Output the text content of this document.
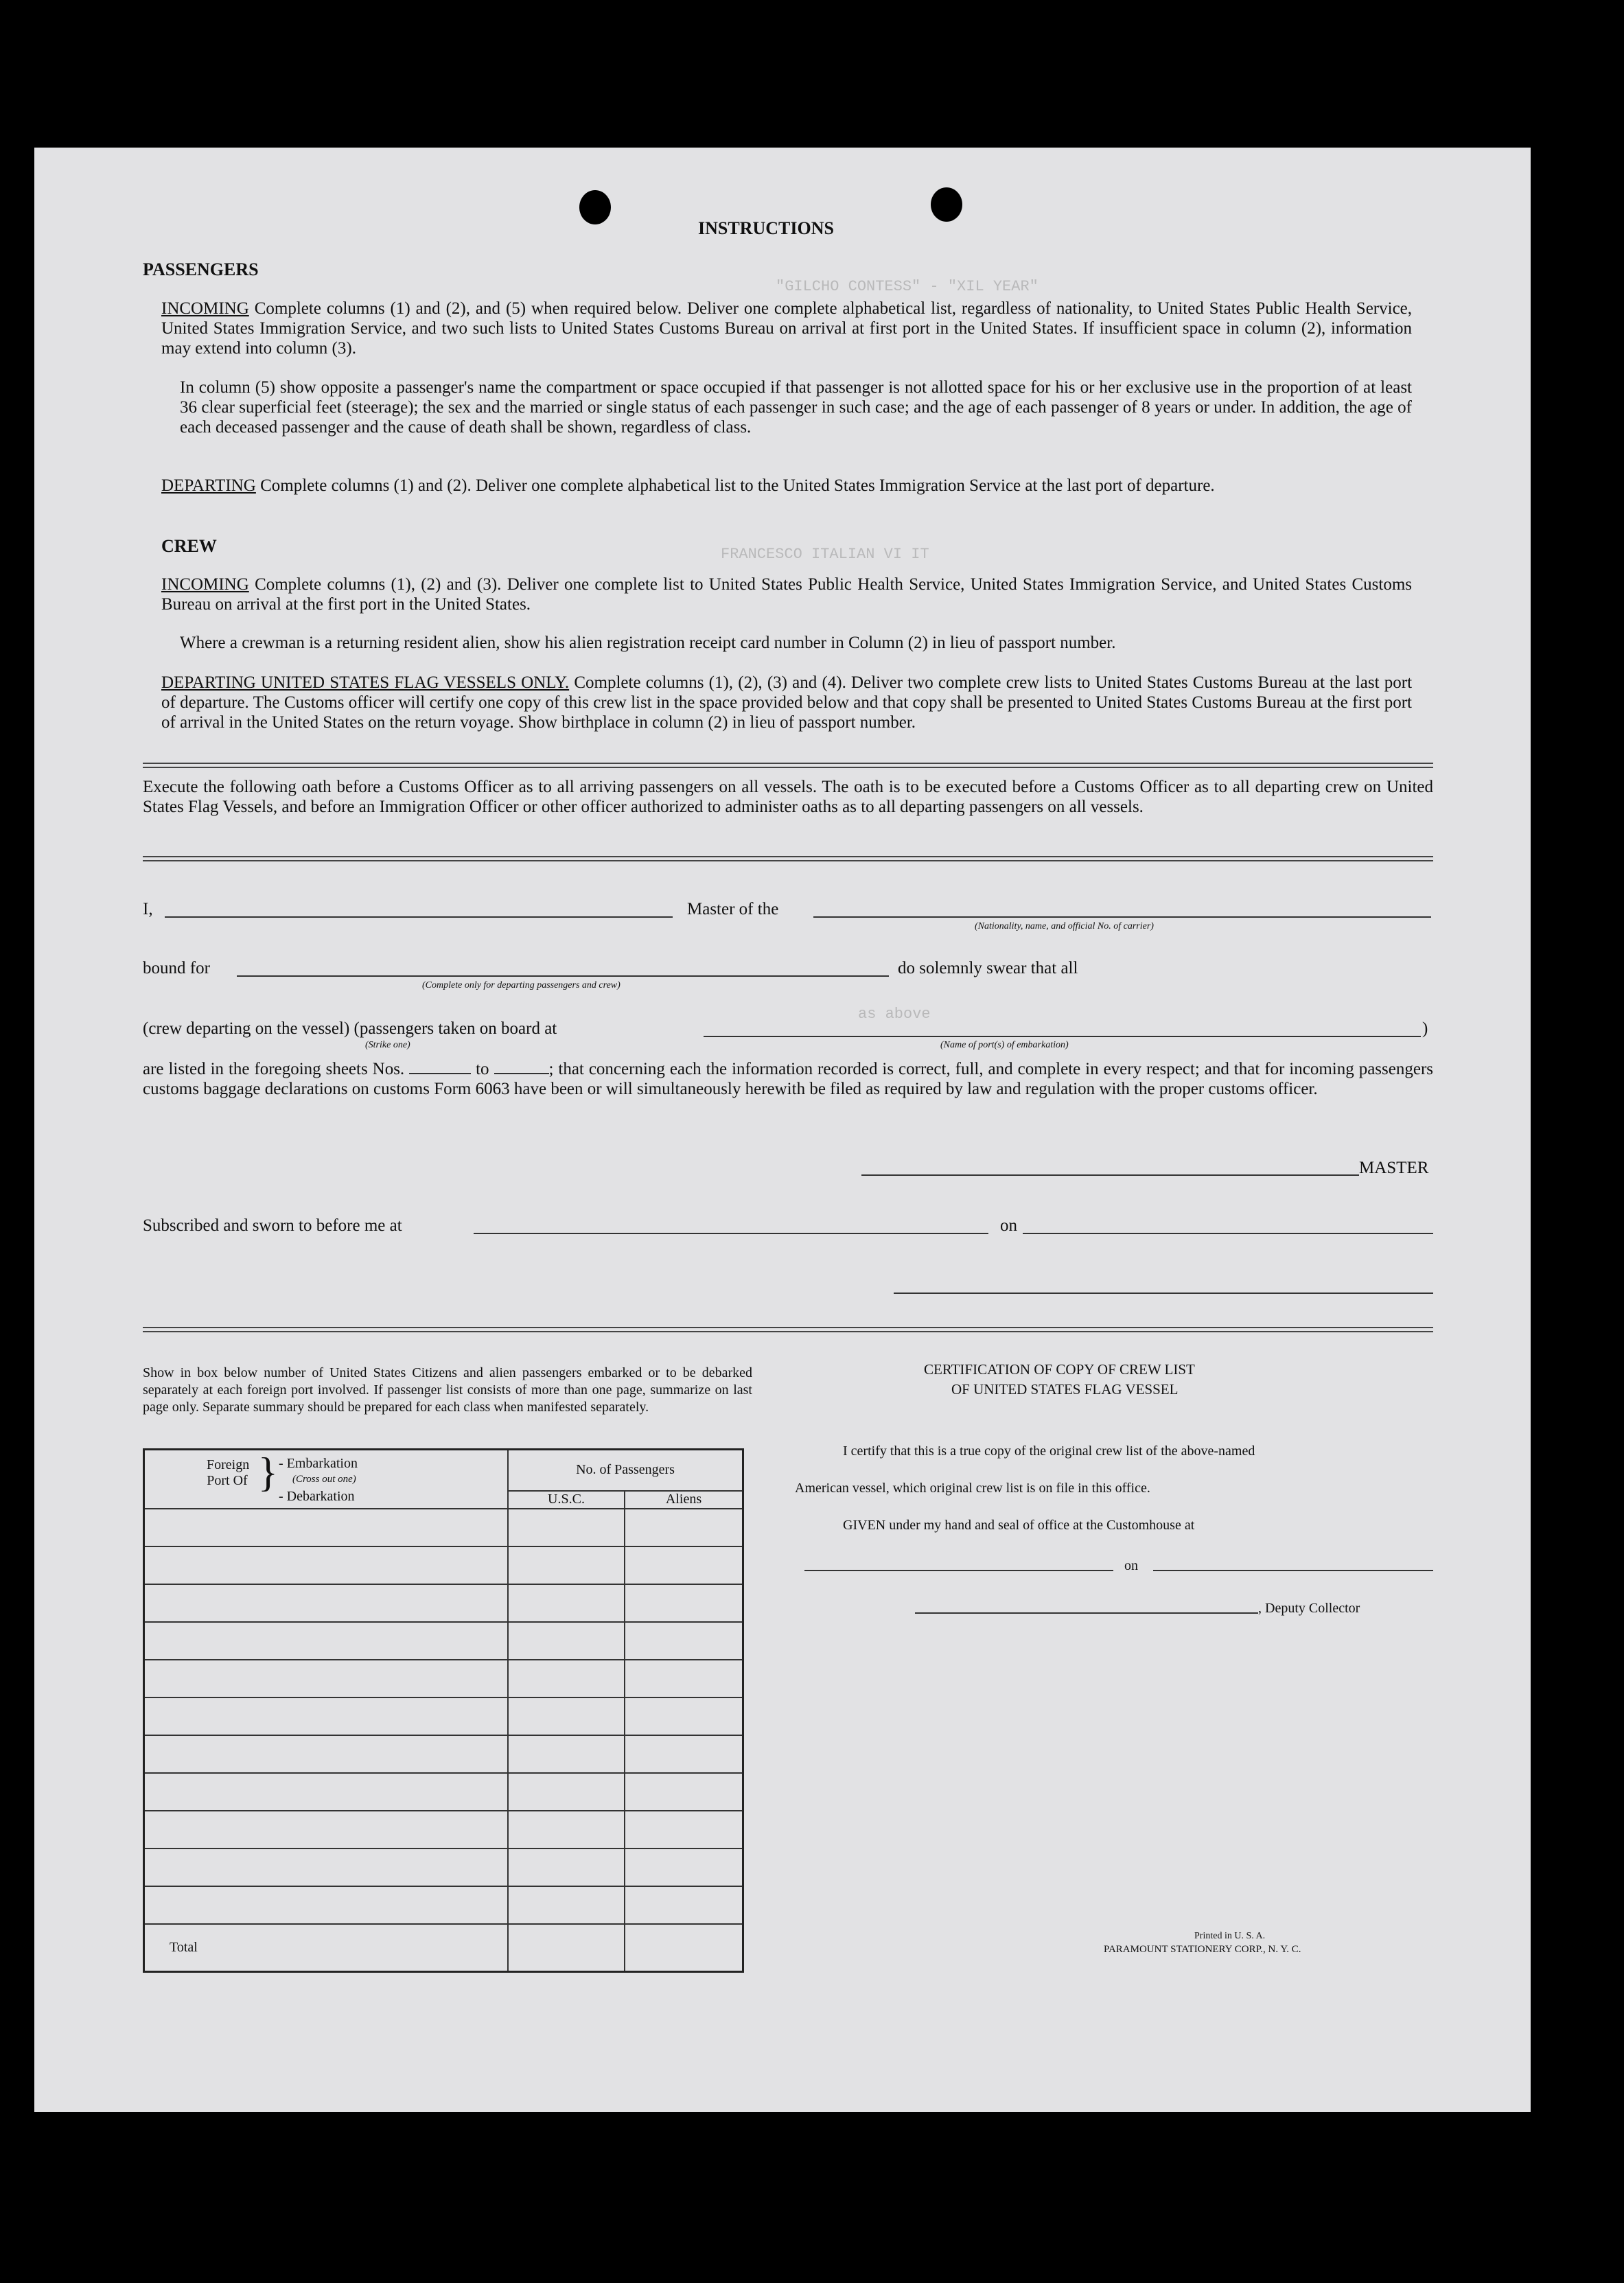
"GILCHO CONTESS" - "XIL YEAR"
FRANCESCO ITALIAN VI IT
as above
INSTRUCTIONS
PASSENGERS
INCOMING Complete columns (1) and (2), and (5) when required below. Deliver one complete alphabetical list, regardless of nationality, to United States Public Health Service, United States Immigration Service, and two such lists to United States Customs Bureau on arrival at first port in the United States. If insufficient space in column (2), information may extend into column (3).
In column (5) show opposite a passenger's name the compartment or space occupied if that passenger is not allotted space for his or her exclusive use in the proportion of at least 36 clear superficial feet (steerage); the sex and the married or single status of each passenger in such case; and the age of each passenger of 8 years or under. In addition, the age of each deceased passenger and the cause of death shall be shown, regardless of class.
DEPARTING Complete columns (1) and (2). Deliver one complete alphabetical list to the United States Immigration Service at the last port of departure.
CREW
INCOMING Complete columns (1), (2) and (3). Deliver one complete list to United States Public Health Service, United States Immigration Service, and United States Customs Bureau on arrival at the first port in the United States.
Where a crewman is a returning resident alien, show his alien registration receipt card number in Column (2) in lieu of passport number.
DEPARTING UNITED STATES FLAG VESSELS ONLY. Complete columns (1), (2), (3) and (4). Deliver two complete crew lists to United States Customs Bureau at the last port of departure. The Customs officer will certify one copy of this crew list in the space provided below and that copy shall be presented to United States Customs Bureau at the first port of arrival in the United States on the return voyage. Show birthplace in column (2) in lieu of passport number.
Execute the following oath before a Customs Officer as to all arriving passengers on all vessels. The oath is to be executed before a Customs Officer as to all departing crew on United States Flag Vessels, and before an Immigration Officer or other officer authorized to administer oaths as to all departing passengers on all vessels.
I,	Master of the
(Nationality, name, and official No. of carrier)
bound for
(Complete only for departing passengers and crew)
do solemnly swear that all
(crew departing on the vessel) (passengers taken on board at	)
(Strike one)	(Name of port(s) of embarkation)
are listed in the foregoing sheets Nos.	to	; that concerning each the information recorded is correct, full, and complete in every respect; and that for incoming passengers customs baggage declarations on customs Form 6063 have been or will simultaneously herewith be filed as required by law and regulation with the proper customs officer.
MASTER
Subscribed and sworn to before me at	on
Show in box below number of United States Citizens and alien passengers embarked or to be debarked separately at each foreign port involved. If passenger list consists of more than one page, summarize on last page only. Separate summary should be prepared for each class when manifested separately.
CERTIFICATION OF COPY OF CREW LIST
OF UNITED STATES FLAG VESSEL
I certify that this is a true copy of the original crew list of the above-named
American vessel, which original crew list is on file in this office.
GIVEN under my hand and seal of office at the Customhouse at
on
, Deputy Collector
Printed in U. S. A.
PARAMOUNT STATIONERY CORP., N. Y. C.
Foreign Port Of } - Embarkation
(Cross out one)
- Debarkation	No. of Passengers	
	U.S.C.	Aliens

Total		
